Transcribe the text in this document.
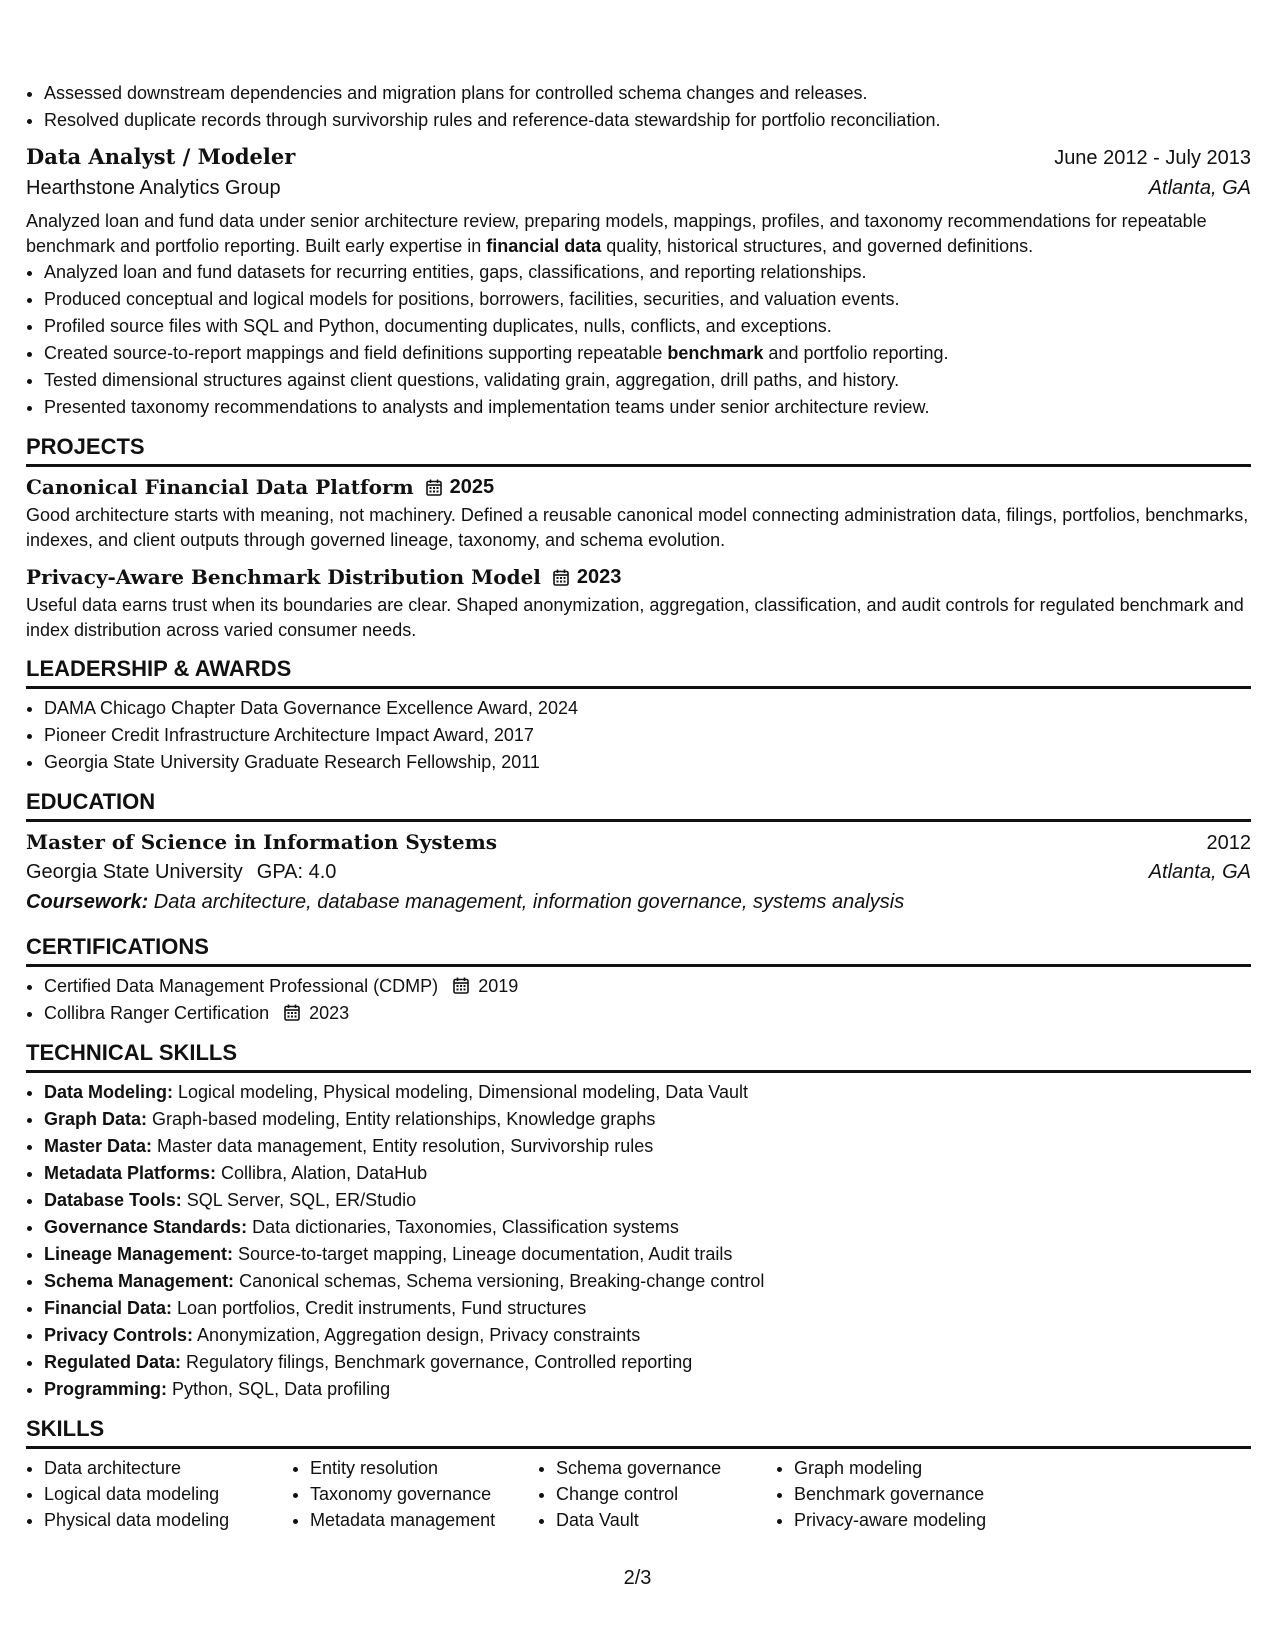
• Assessed downstream dependencies and migration plans for controlled schema changes and releases.
• Resolved duplicate records through survivorship rules and reference-data stewardship for portfolio reconciliation.
Data Analyst / Modeler	June 2012 - July 2013
Hearthstone Analytics Group	Atlanta, GA
Analyzed loan and fund data under senior architecture review, preparing models, mappings, profiles, and taxonomy recommendations for repeatable benchmark and portfolio reporting. Built early expertise in financial data quality, historical structures, and governed definitions.
• Analyzed loan and fund datasets for recurring entities, gaps, classifications, and reporting relationships.
• Produced conceptual and logical models for positions, borrowers, facilities, securities, and valuation events.
• Profiled source files with SQL and Python, documenting duplicates, nulls, conflicts, and exceptions.
• Created source-to-report mappings and field definitions supporting repeatable benchmark and portfolio reporting.
• Tested dimensional structures against client questions, validating grain, aggregation, drill paths, and history.
• Presented taxonomy recommendations to analysts and implementation teams under senior architecture review.
PROJECTS
Canonical Financial Data Platform 2025
Good architecture starts with meaning, not machinery. Defined a reusable canonical model connecting administration data, filings, portfolios, benchmarks, indexes, and client outputs through governed lineage, taxonomy, and schema evolution.
Privacy-Aware Benchmark Distribution Model 2023
Useful data earns trust when its boundaries are clear. Shaped anonymization, aggregation, classification, and audit controls for regulated benchmark and index distribution across varied consumer needs.
LEADERSHIP & AWARDS
• DAMA Chicago Chapter Data Governance Excellence Award, 2024
• Pioneer Credit Infrastructure Architecture Impact Award, 2017
• Georgia State University Graduate Research Fellowship, 2011
EDUCATION
Master of Science in Information Systems	2012
Georgia State University GPA: 4.0	Atlanta, GA
Coursework: Data architecture, database management, information governance, systems analysis
CERTIFICATIONS
• Certified Data Management Professional (CDMP) 2019
• Collibra Ranger Certification 2023
TECHNICAL SKILLS
• Data Modeling: Logical modeling, Physical modeling, Dimensional modeling, Data Vault
• Graph Data: Graph-based modeling, Entity relationships, Knowledge graphs
• Master Data: Master data management, Entity resolution, Survivorship rules
• Metadata Platforms: Collibra, Alation, DataHub
• Database Tools: SQL Server, SQL, ER/Studio
• Governance Standards: Data dictionaries, Taxonomies, Classification systems
• Lineage Management: Source-to-target mapping, Lineage documentation, Audit trails
• Schema Management: Canonical schemas, Schema versioning, Breaking-change control
• Financial Data: Loan portfolios, Credit instruments, Fund structures
• Privacy Controls: Anonymization, Aggregation design, Privacy constraints
• Regulated Data: Regulatory filings, Benchmark governance, Controlled reporting
• Programming: Python, SQL, Data profiling
SKILLS
• Data architecture
• Logical data modeling
• Physical data modeling
• Entity resolution
• Taxonomy governance
• Metadata management
• Schema governance
• Change control
• Data Vault
• Graph modeling
• Benchmark governance
• Privacy-aware modeling
2/3
